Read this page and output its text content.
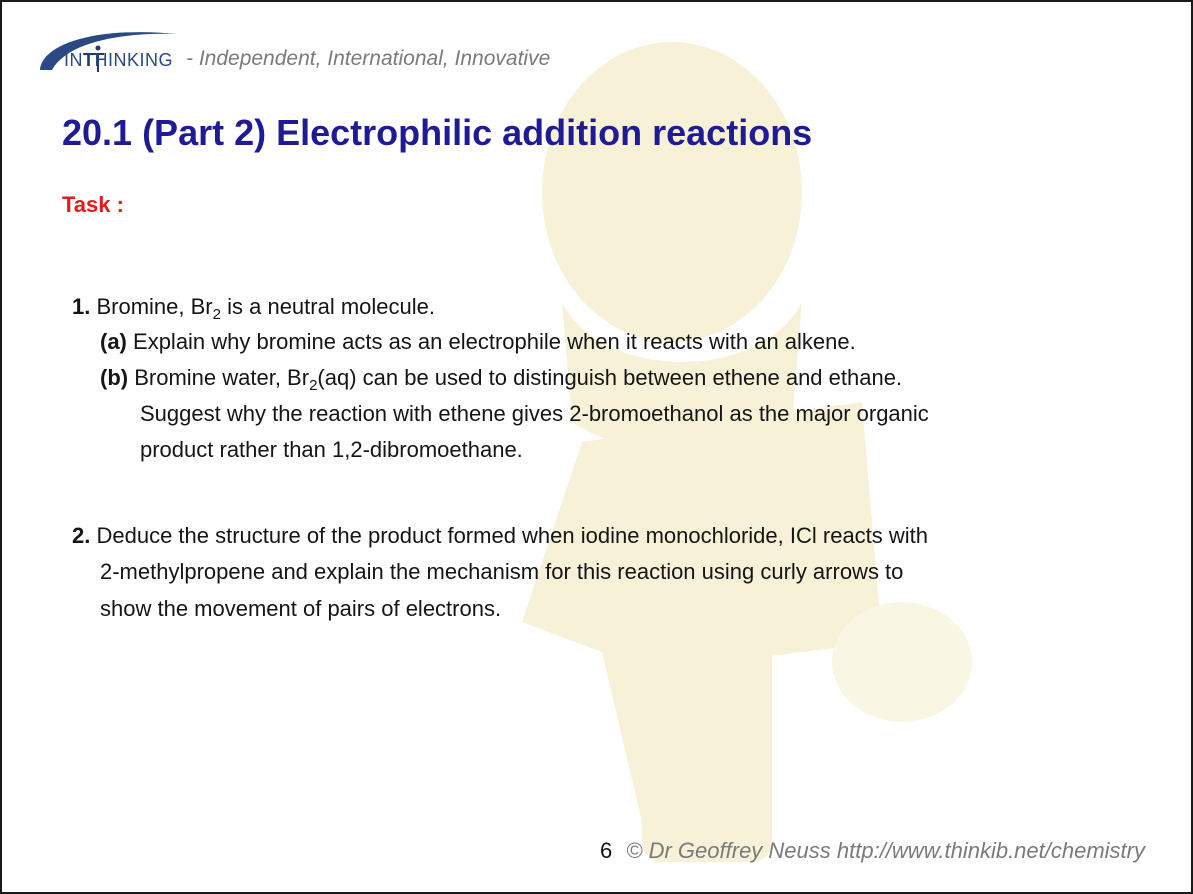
INTHINKING - Independent, International, Innovative
20.1 (Part 2) Electrophilic addition reactions
Task :
1. Bromine, $Br_2$ is a neutral molecule.
(a) Explain why bromine acts as an electrophile when it reacts with an alkene.
(b) Bromine water, $Br_2(aq)$ can be used to distinguish between ethene and ethane.
Suggest why the reaction with ethene gives 2-bromoethanol as the major organic
product rather than 1,2-dibromoethane.
2. Deduce the structure of the product formed when iodine monochloride, ICl reacts with
2-methylpropene and explain the mechanism for this reaction using curly arrows to
show the movement of pairs of electrons.
6 © Dr Geoffrey Neuss http://www.thinkib.net/chemistry
